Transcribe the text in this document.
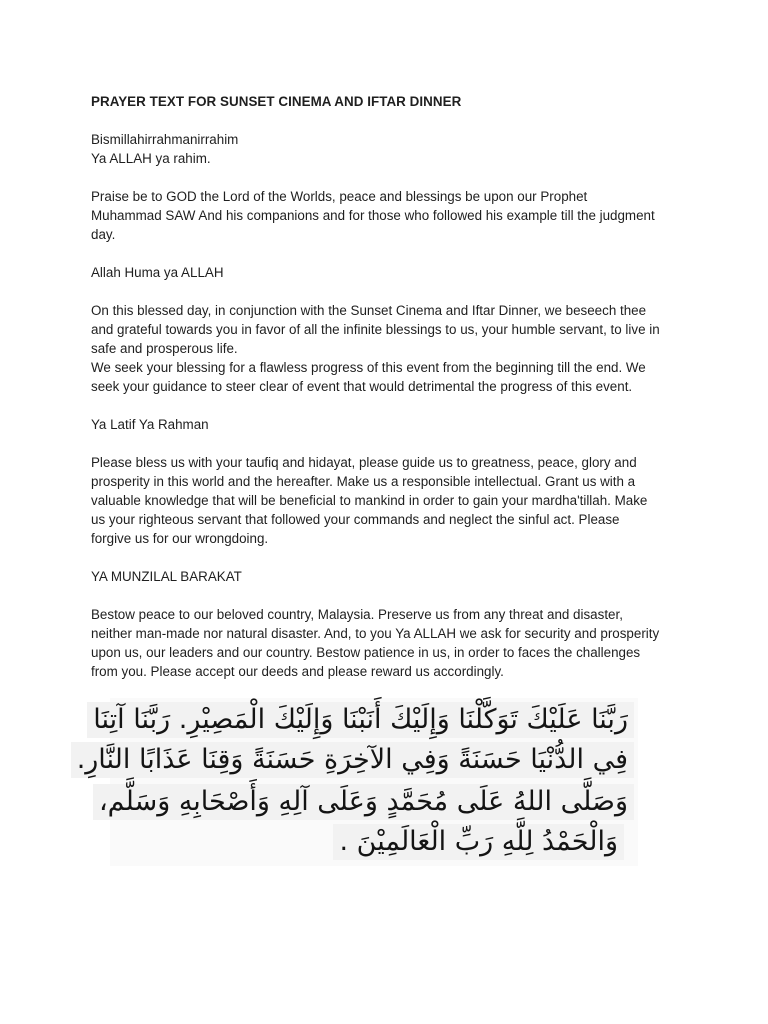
PRAYER TEXT FOR SUNSET CINEMA AND IFTAR DINNER
Bismillahirrahmanirrahim
Ya ALLAH ya rahim.
Praise be to GOD the Lord of the Worlds, peace and blessings be upon our Prophet
Muhammad SAW And his companions and for those who followed his example till the judgment
day.
Allah Huma ya ALLAH
On this blessed day, in conjunction with the Sunset Cinema and Iftar Dinner, we beseech thee
and grateful towards you in favor of all the infinite blessings to us, your humble servant, to live in
safe and prosperous life.
We seek your blessing for a flawless progress of this event from the beginning till the end. We
seek your guidance to steer clear of event that would detrimental the progress of this event.
Ya Latif Ya Rahman
Please bless us with your taufiq and hidayat, please guide us to greatness, peace, glory and
prosperity in this world and the hereafter. Make us a responsible intellectual. Grant us with a
valuable knowledge that will be beneficial to mankind in order to gain your mardha'tillah. Make
us your righteous servant that followed your commands and neglect the sinful act. Please
forgive us for our wrongdoing.
YA MUNZILAL BARAKAT
Bestow peace to our beloved country, Malaysia. Preserve us from any threat and disaster,
neither man-made nor natural disaster. And, to you Ya ALLAH we ask for security and prosperity
upon us, our leaders and our country. Bestow patience in us, in order to faces the challenges
from you. Please accept our deeds and please reward us accordingly.
رَبَّنَا عَلَيْكَ تَوَكَّلْنَا وَإِلَيْكَ أَنَبْنَا وَإِلَيْكَ الْمَصِيْرِ. رَبَّنَا آتِنَا
فِي الدُّنْيَا حَسَنَةً وَفِي الآخِرَةِ حَسَنَةً وَقِنَا عَذَابًا النَّارِ.
وَصَلَّى اللهُ عَلَى مُحَمَّدٍ وَعَلَى آلِهِ وَأَصْحَابِهِ وَسَلَّم،
وَالْحَمْدُ لِلَّهِ رَبِّ الْعَالَمِيْنَ .
